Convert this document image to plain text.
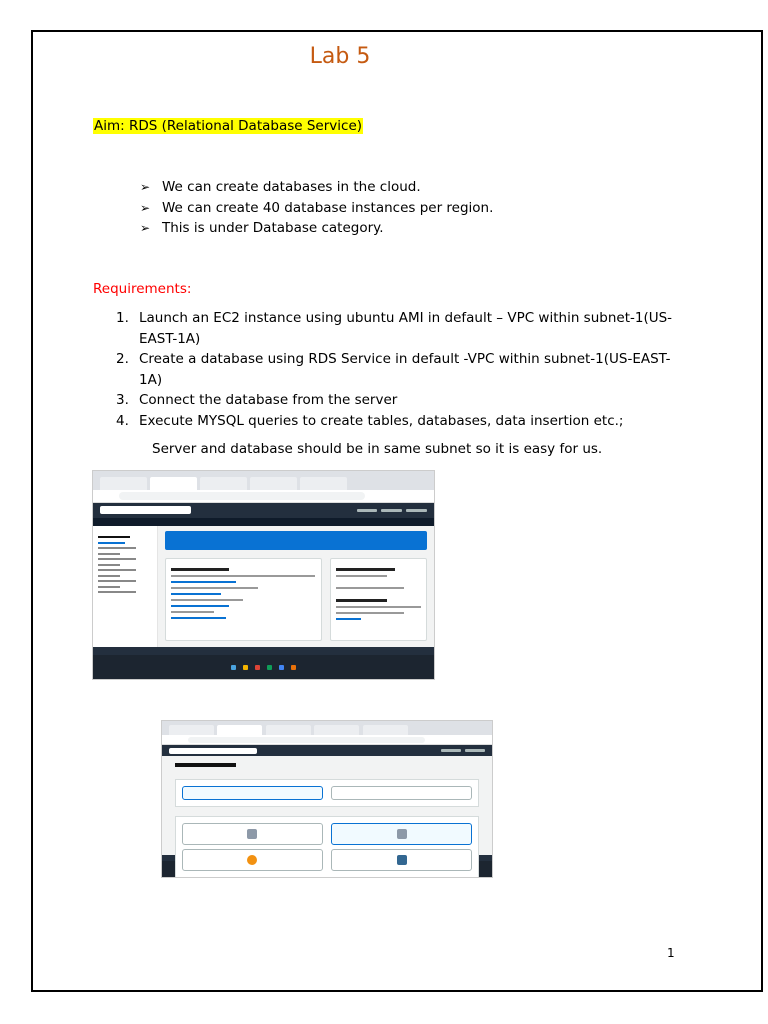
Lab 5
Aim: RDS (Relational Database Service)
➢ We can create databases in the cloud.
➢ We can create 40 database instances per region.
➢ This is under Database category.
Requirements:
1. Launch an EC2 instance using ubuntu AMI in default – VPC within subnet-1(US-EAST-1A)
2. Create a database using RDS Service in default -VPC within subnet-1(US-EAST-1A)
3. Connect the database from the server
4. Execute MYSQL queries to create tables, databases, data insertion etc.;
Server and database should be in same subnet so it is easy for us.
1
